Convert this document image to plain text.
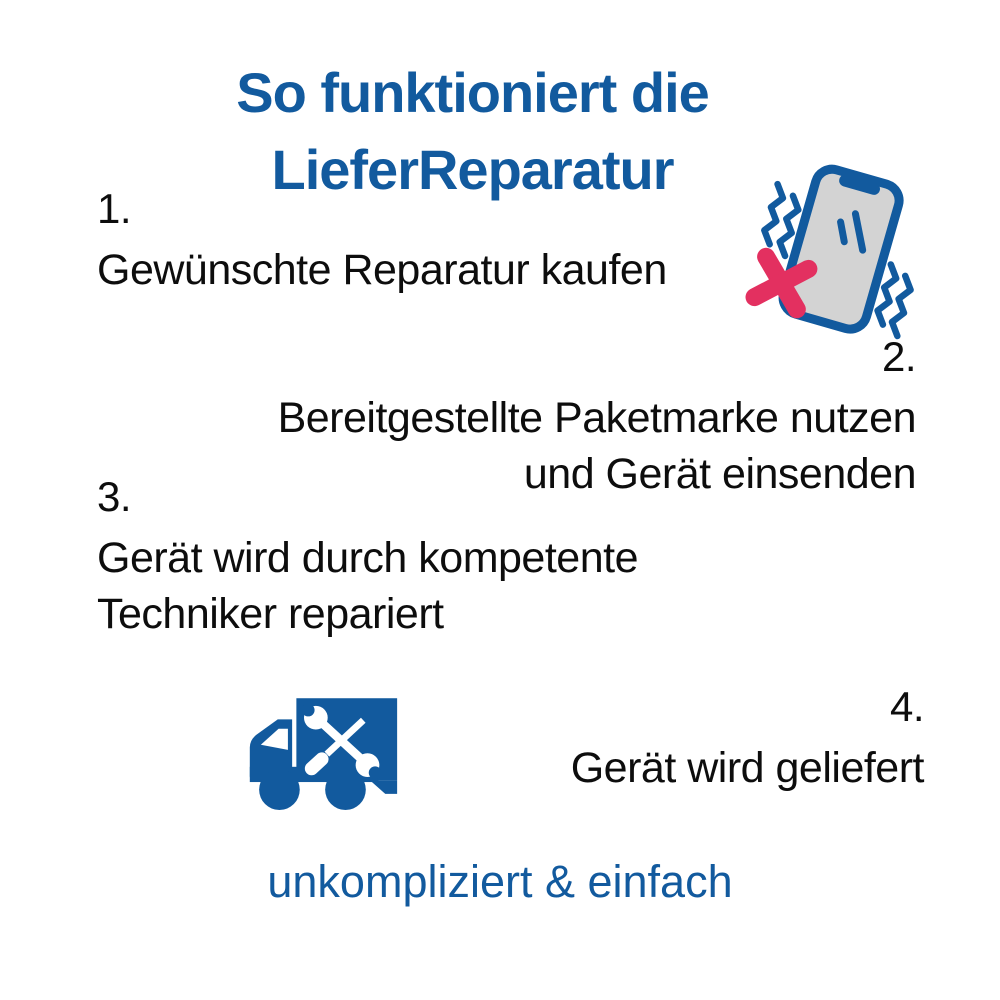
So funktioniert die
LieferReparatur
1.
Gewünschte Reparatur kaufen
2.
Bereitgestellte Paketmarke nutzen
und Gerät einsenden
3.
Gerät wird durch kompetente
Techniker repariert
4.
Gerät wird geliefert
unkompliziert & einfach
